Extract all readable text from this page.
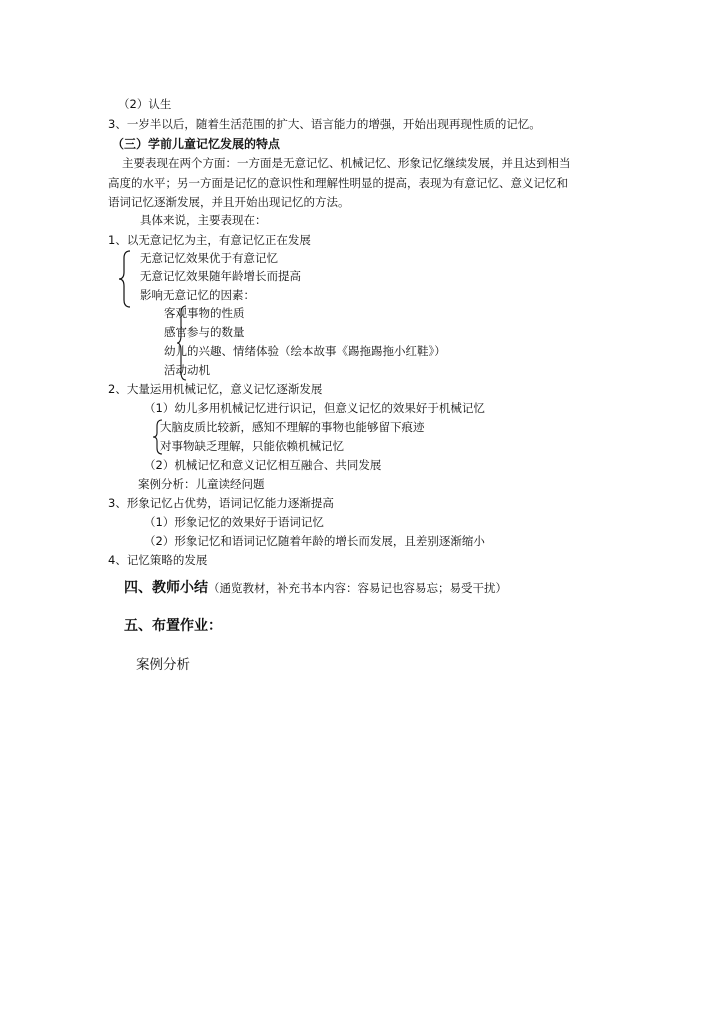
（2）认生
3、一岁半以后，随着生活范围的扩大、语言能力的增强，开始出现再现性质的记忆。
（三）学前儿童记忆发展的特点
主要表现在两个方面：一方面是无意记忆、机械记忆、形象记忆继续发展，并且达到相当
高度的水平；另一方面是记忆的意识性和理解性明显的提高，表现为有意记忆、意义记忆和
语词记忆逐渐发展，并且开始出现记忆的方法。
具体来说，主要表现在：
1、以无意记忆为主，有意记忆正在发展
无意记忆效果优于有意记忆
无意记忆效果随年龄增长而提高
影响无意记忆的因素：
客观事物的性质
感官参与的数量
幼儿的兴趣、情绪体验（绘本故事《踢拖踢拖小红鞋》）
活动动机
2、大量运用机械记忆，意义记忆逐渐发展
（1）幼儿多用机械记忆进行识记，但意义记忆的效果好于机械记忆
大脑皮质比较新，感知不理解的事物也能够留下痕迹
对事物缺乏理解，只能依赖机械记忆
（2）机械记忆和意义记忆相互融合、共同发展
案例分析：儿童读经问题
3、形象记忆占优势，语词记忆能力逐渐提高
（1）形象记忆的效果好于语词记忆
（2）形象记忆和语词记忆随着年龄的增长而发展，且差别逐渐缩小
4、记忆策略的发展
四、教师小结（通览教材，补充书本内容：容易记也容易忘；易受干扰）
五、布置作业：
案例分析
